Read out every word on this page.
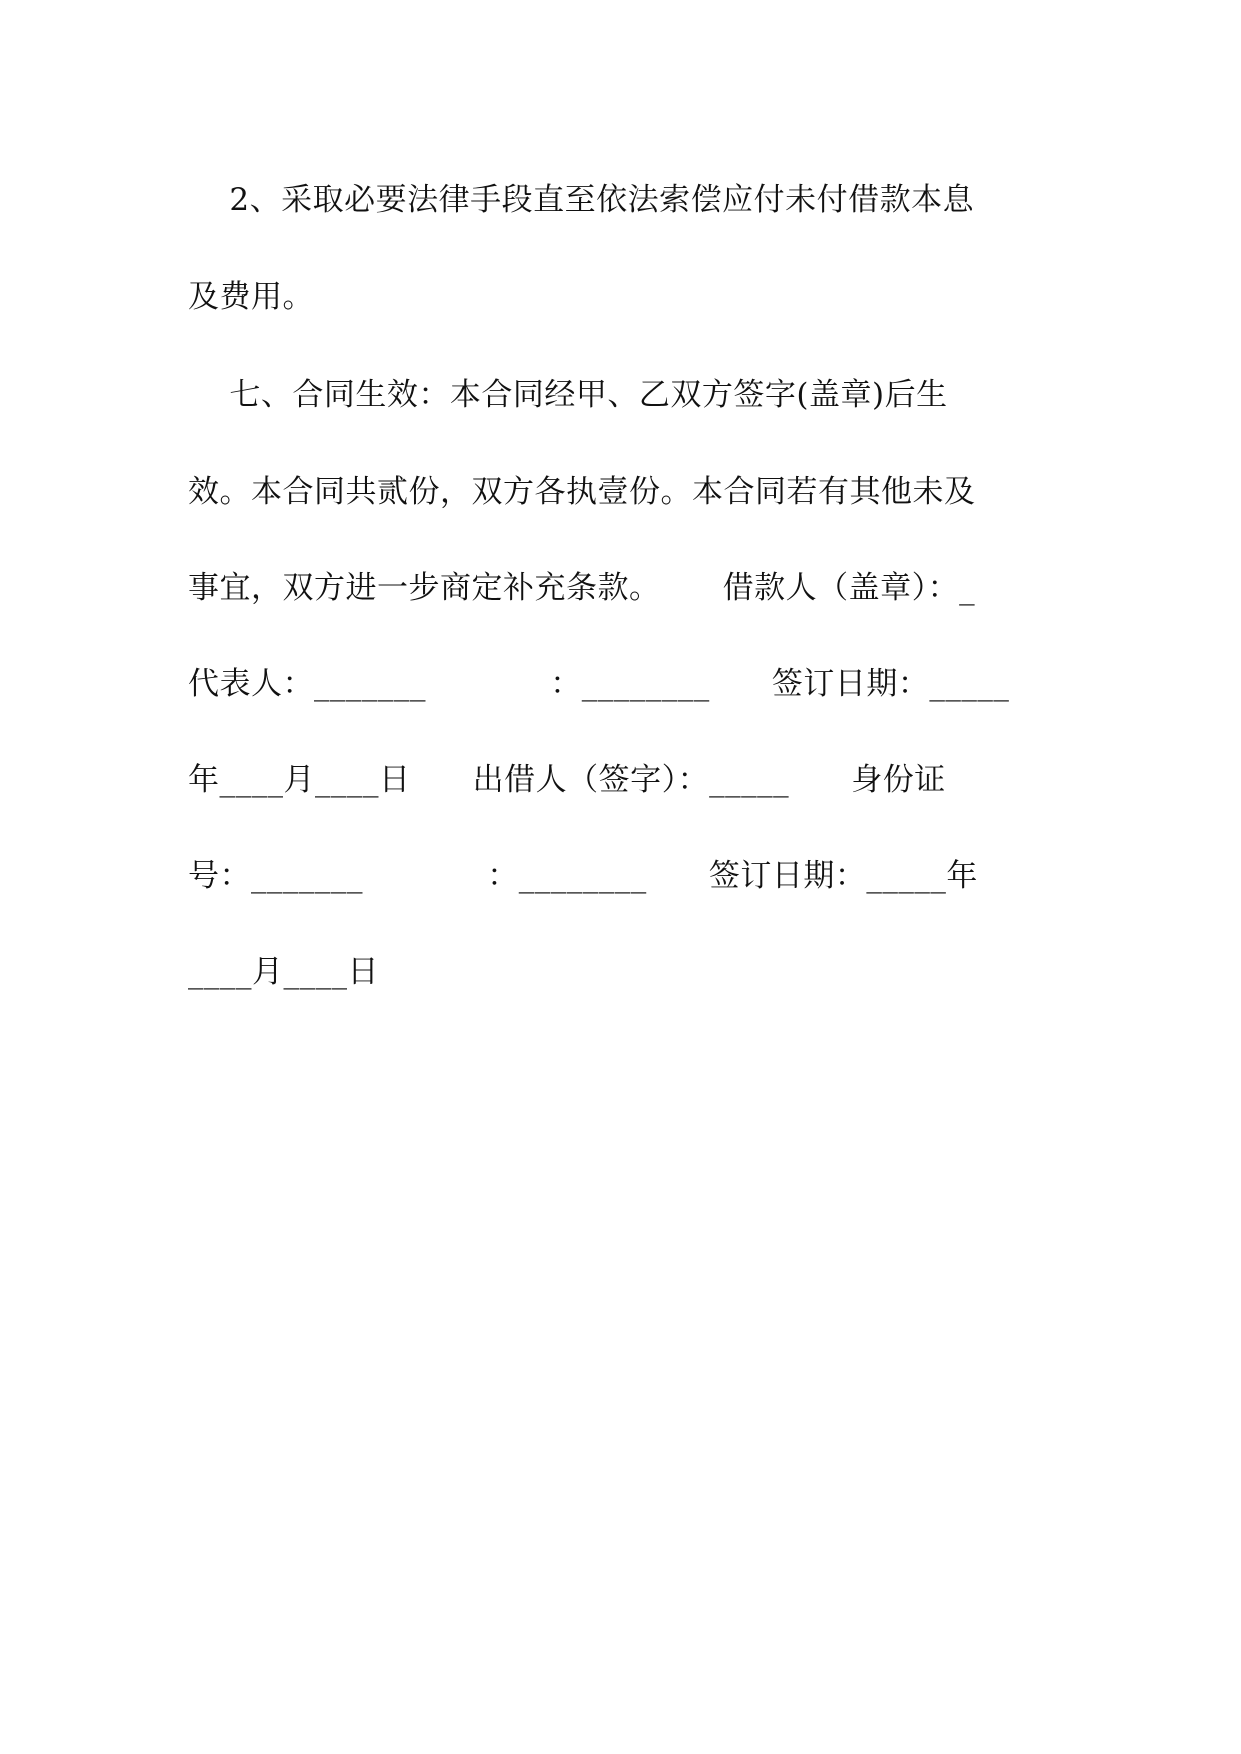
2、采取必要法律手段直至依法索偿应付未付借款本息
及费用。
七、合同生效：本合同经甲、乙双方签字(盖章)后生
效。本合同共贰份，双方各执壹份。本合同若有其他未及
事宜，双方进一步商定补充条款。      借款人（盖章）：_
代表人：_______            ：________      签订日期：_____
年____月____日      出借人（签字）：_____      身份证
号：_______            ：________      签订日期：_____年
____月____日
